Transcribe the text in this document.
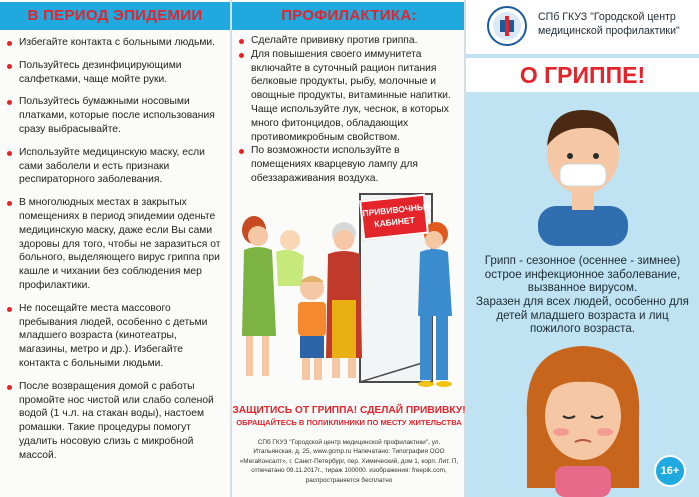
В ПЕРИОД ЭПИДЕМИИ
Избегайте контакта с больными людьми.
Пользуйтесь дезинфицирующими салфетками, чаще мойте руки.
Пользуйтесь бумажными носовыми платками, которые после использования сразу выбрасывайте.
Используйте медицинскую маску, если сами заболели и есть признаки респираторного заболевания.
В многолюдных местах в закрытых помещениях в период эпидемии оденьте медицинскую маску, даже если Вы сами здоровы для того, чтобы не заразиться от больного, выделяющего вирус гриппа при кашле и чихании без соблюдения мер профилактики.
Не посещайте места массового пребывания людей, особенно с детьми младшего возраста (кинотеатры, магазины, метро и др.). Избегайте контакта с больными людьми.
После возвращения домой с работы промойте нос чистой или слабо соленой водой (1 ч.л. на стакан воды), настоем ромашки. Такие процедуры помогут удалить носовую слизь с микробной массой.
ПРОФИЛАКТИКА:
Сделайте прививку против гриппа.
Для повышения своего иммунитета включайте в суточный рацион питания белковые продукты, рыбу, молочные и овощные продукты, витаминные напитки. Чаще используйте лук, чеснок, в которых много фитонцидов, обладающих противомикробным свойством.
По возможности используйте в помещениях кварцевую лампу для обеззараживания воздуха.
ПРИВИВОЧНЫЙ КАБИНЕТ
ЗАЩИТИСЬ ОТ ГРИППА! СДЕЛАЙ ПРИВИВКУ!
ОБРАЩАЙТЕСЬ В ПОЛИКЛИНИКИ ПО МЕСТУ ЖИТЕЛЬСТВА
СПб ГКУЗ "Городской центр медицинской профилактики", ул. Итальянская, д. 25, www.gcmp.ru Напечатано: Типография ООО «МегаКонсалт», г. Санкт-Петербург, пер. Химический, дом 1, корп. Лит. П, отпечатано 09.11.2017г., тираж 100000. изображения: freepik.com, распространяется бесплатно
СПб ГКУЗ "Городской центр медицинской профилактики"
О ГРИППЕ!
Грипп - сезонное (осеннее - зимнее) острое инфекционное заболевание, вызванное вирусом.
Заразен для всех людей, особенно для детей младшего возраста и лиц пожилого возраста.
16+
